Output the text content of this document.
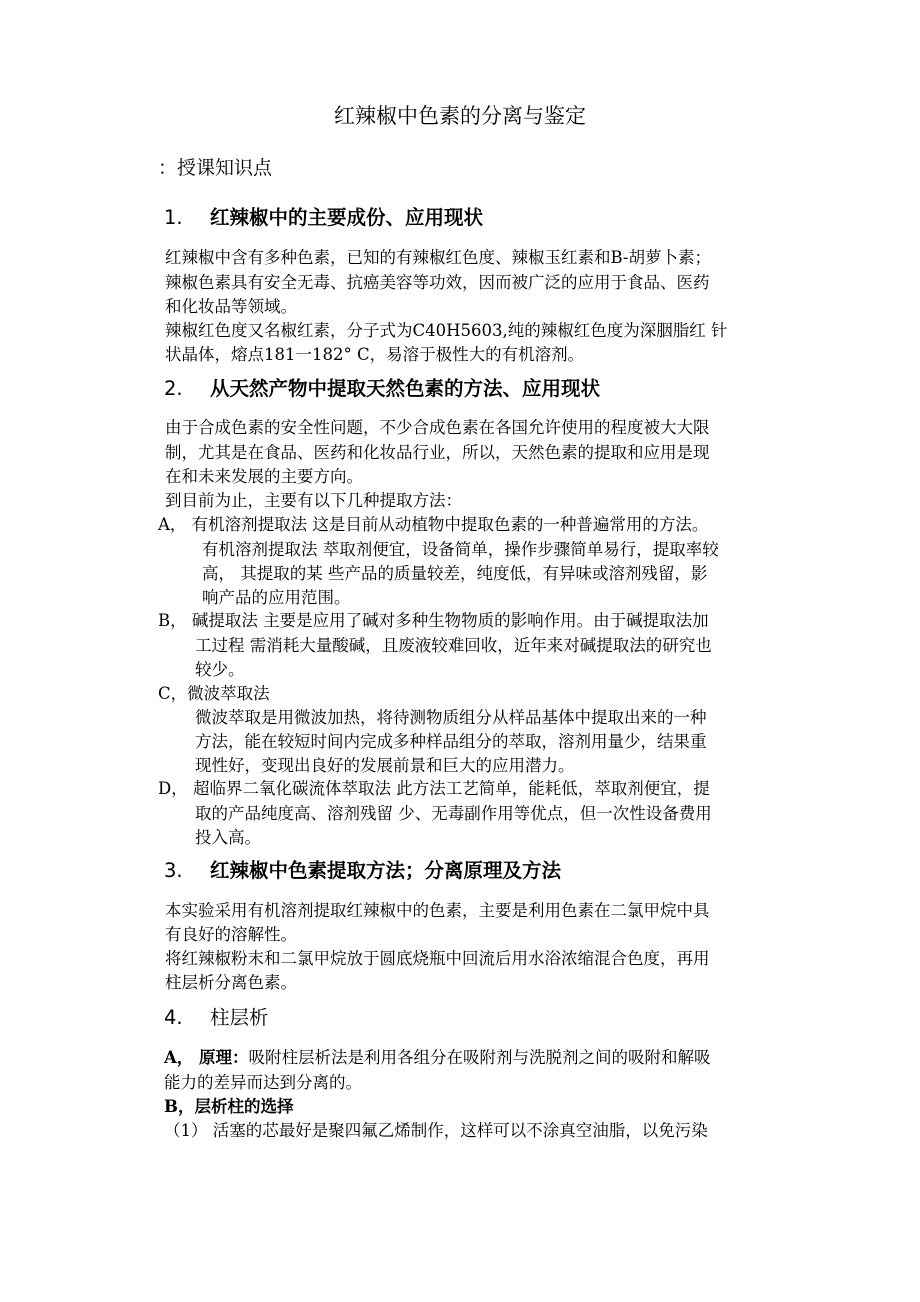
红辣椒中色素的分离与鉴定
：授课知识点
1. 红辣椒中的主要成份、应用现状
红辣椒中含有多种色素，已知的有辣椒红色度、辣椒玉红素和B-胡萝卜素；
辣椒色素具有安全无毒、抗癌美容等功效，因而被广泛的应用于食品、医药
和化妆品等领域。
辣椒红色度又名椒红素，分子式为C40H5603,纯的辣椒红色度为深胭脂红 针
状晶体，熔点181一182° C，易溶于极性大的有机溶剂。
2. 从天然产物中提取天然色素的方法、应用现状
由于合成色素的安全性问题，不少合成色素在各国允许使用的程度被大大限
制，尤其是在食品、医药和化妆品行业，所以，天然色素的提取和应用是现
在和未来发展的主要方向。
到目前为止，主要有以下几种提取方法：
A， 有机溶剂提取法 这是目前从动植物中提取色素的一种普遍常用的方法。
有机溶剂提取法 萃取剂便宜，设备简单，操作步骤简单易行，提取率较
高， 其提取的某 些产品的质量较差，纯度低，有异味或溶剂残留，影
响产品的应用范围。
B， 碱提取法 主要是应用了碱对多种生物物质的影响作用。由于碱提取法加
工过程 需消耗大量酸碱，且废液较难回收，近年来对碱提取法的研究也
较少。
C，微波萃取法
微波萃取是用微波加热，将待测物质组分从样品基体中提取出来的一种
方法，能在较短时间内完成多种样品组分的萃取，溶剂用量少，结果重
现性好，变现出良好的发展前景和巨大的应用潜力。
D， 超临界二氧化碳流体萃取法 此方法工艺简单，能耗低，萃取剂便宜，提
取的产品纯度高、溶剂残留 少、无毒副作用等优点，但一次性设备费用
投入高。
3. 红辣椒中色素提取方法；分离原理及方法
本实验采用有机溶剂提取红辣椒中的色素，主要是利用色素在二氯甲烷中具
有良好的溶解性。
将红辣椒粉末和二氯甲烷放于圆底烧瓶中回流后用水浴浓缩混合色度，再用
柱层析分离色素。
4. 柱层析
A， 原理：吸附柱层析法是利用各组分在吸附剂与洗脱剂之间的吸附和解吸
能力的差异而达到分离的。
B，层析柱的选择
（1） 活塞的芯最好是聚四氟乙烯制作，这样可以不涂真空油脂，以免污染
